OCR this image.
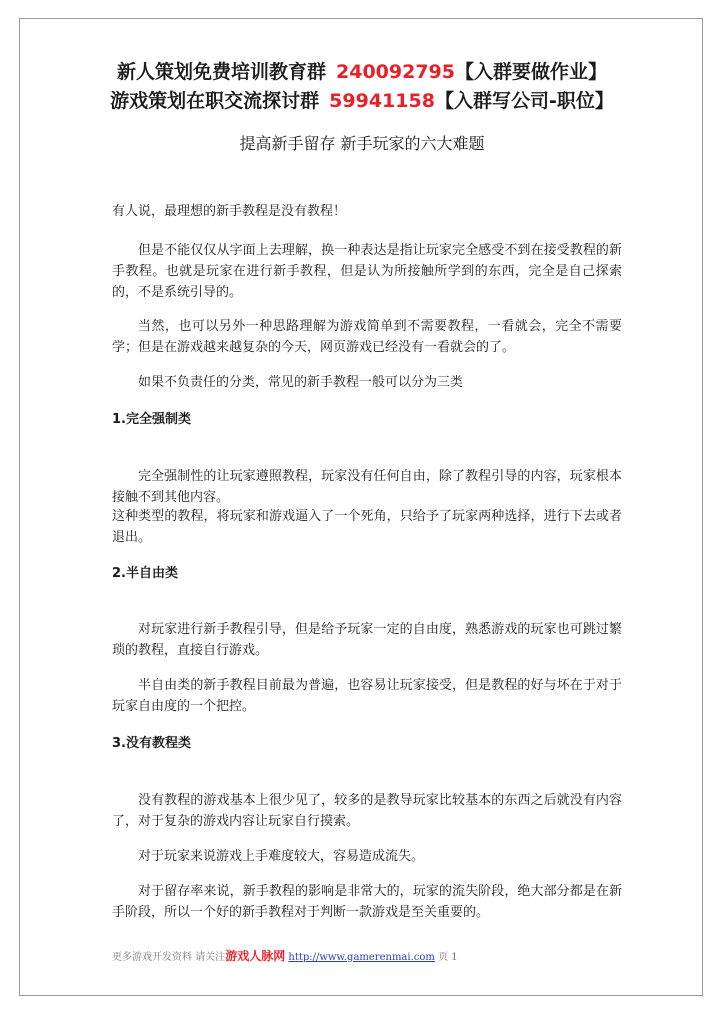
新人策划免费培训教育群 240092795【入群要做作业】
游戏策划在职交流探讨群 59941158【入群写公司-职位】
提高新手留存 新手玩家的六大难题

有人说，最理想的新手教程是没有教程！

但是不能仅仅从字面上去理解，换一种表达是指让玩家完全感受不到在接受教程的新手教程。也就是玩家在进行新手教程，但是认为所接触所学到的东西，完全是自己探索的，不是系统引导的。

当然，也可以另外一种思路理解为游戏简单到不需要教程，一看就会，完全不需要学；但是在游戏越来越复杂的今天，网页游戏已经没有一看就会的了。

如果不负责任的分类，常见的新手教程一般可以分为三类

1.完全强制类

完全强制性的让玩家遵照教程，玩家没有任何自由，除了教程引导的内容，玩家根本接触不到其他内容。

这种类型的教程，将玩家和游戏逼入了一个死角，只给予了玩家两种选择，进行下去或者退出。

2.半自由类

对玩家进行新手教程引导，但是给予玩家一定的自由度，熟悉游戏的玩家也可跳过繁琐的教程，直接自行游戏。

半自由类的新手教程目前最为普遍，也容易让玩家接受，但是教程的好与坏在于对于玩家自由度的一个把控。

3.没有教程类

没有教程的游戏基本上很少见了，较多的是教导玩家比较基本的东西之后就没有内容了，对于复杂的游戏内容让玩家自行摸索。

对于玩家来说游戏上手难度较大，容易造成流失。

对于留存率来说，新手教程的影响是非常大的，玩家的流失阶段，绝大部分都是在新手阶段，所以一个好的新手教程对于判断一款游戏是至关重要的。

更多游戏开发资料 请关注游戏人脉网 http://www.gamerenmai.com 页 1
